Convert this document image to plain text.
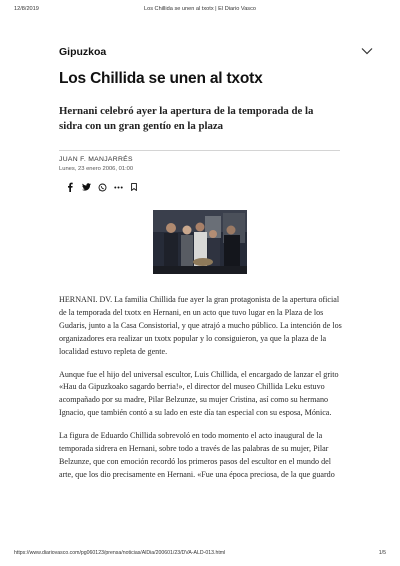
12/8/2019	Los Chillida se unen al txotx | El Diario Vasco
Gipuzkoa
Los Chillida se unen al txotx
Hernani celebró ayer la apertura de la temporada de la sidra con un gran gentío en la plaza
JUAN F. MANJARRÉS
Lunes, 23 enero 2006, 01:00

HERNANI. DV. La familia Chillida fue ayer la gran protagonista de la apertura oficial de la temporada del txotx en Hernani, en un acto que tuvo lugar en la Plaza de los Gudaris, junto a la Casa Consistorial, y que atrajó a mucho público. La intención de los organizadores era realizar un txotx popular y lo consiguieron, ya que la plaza de la localidad estuvo repleta de gente.

Aunque fue el hijo del universal escultor, Luis Chillida, el encargado de lanzar el grito «Hau da Gipuzkoako sagardo berria!», el director del museo Chillida Leku estuvo acompañado por su madre, Pilar Belzunze, su mujer Cristina, así como su hermano Ignacio, que también contó a su lado en este día tan especial con su esposa, Mónica.

La figura de Eduardo Chillida sobrevoló en todo momento el acto inaugural de la temporada sidrera en Hernani, sobre todo a través de las palabras de su mujer, Pilar Belzunze, que con emoción recordó los primeros pasos del escultor en el mundo del arte, que los dio precisamente en Hernani. «Fue una época preciosa, de la que guardo

https://www.diariovasco.com/pg060123/prensa/noticias/AlDia/200601/23/DVA-ALD-013.html	1/5
